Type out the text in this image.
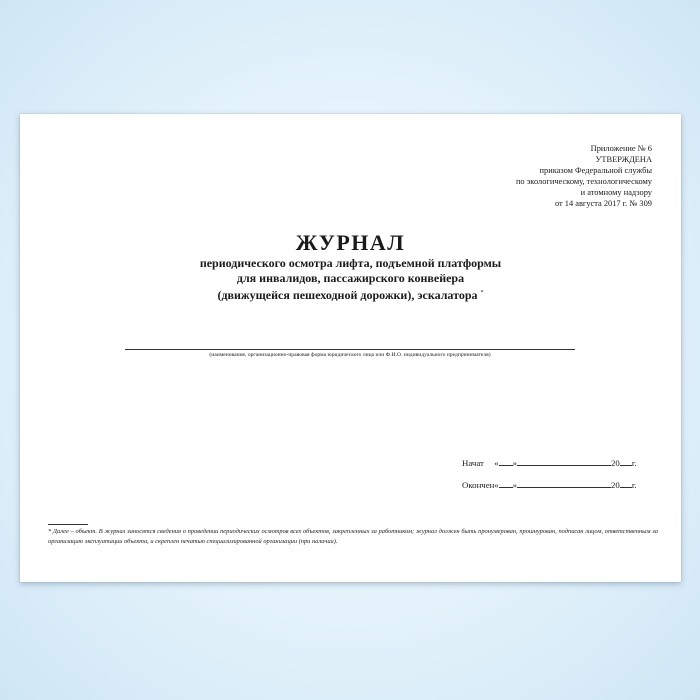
Приложение № 6
УТВЕРЖДЕНА
приказом Федеральной службы
по экологическому, технологическому
и атомному надзору
от 14 августа 2017 г. № 309
ЖУРНАЛ
периодического осмотра лифта, подъемной платформы
для инвалидов, пассажирского конвейера
(движущейся пешеходной дорожки), эскалатора *
(наименование, организационно-правовая форма юридического лица или Ф.И.О. индивидуального предпринимателя)
Начат « »	20 г.
Окончен « »	20 г.
* Далее – объект. В журнал заносятся сведения о проведении периодических осмотров всех объектов, закрепленных за работником; журнал должен быть пронумерован, прошнурован, подписан лицом, ответственным за организацию эксплуатации объекта, и скреплен печатью специализированной организации (при наличии).
